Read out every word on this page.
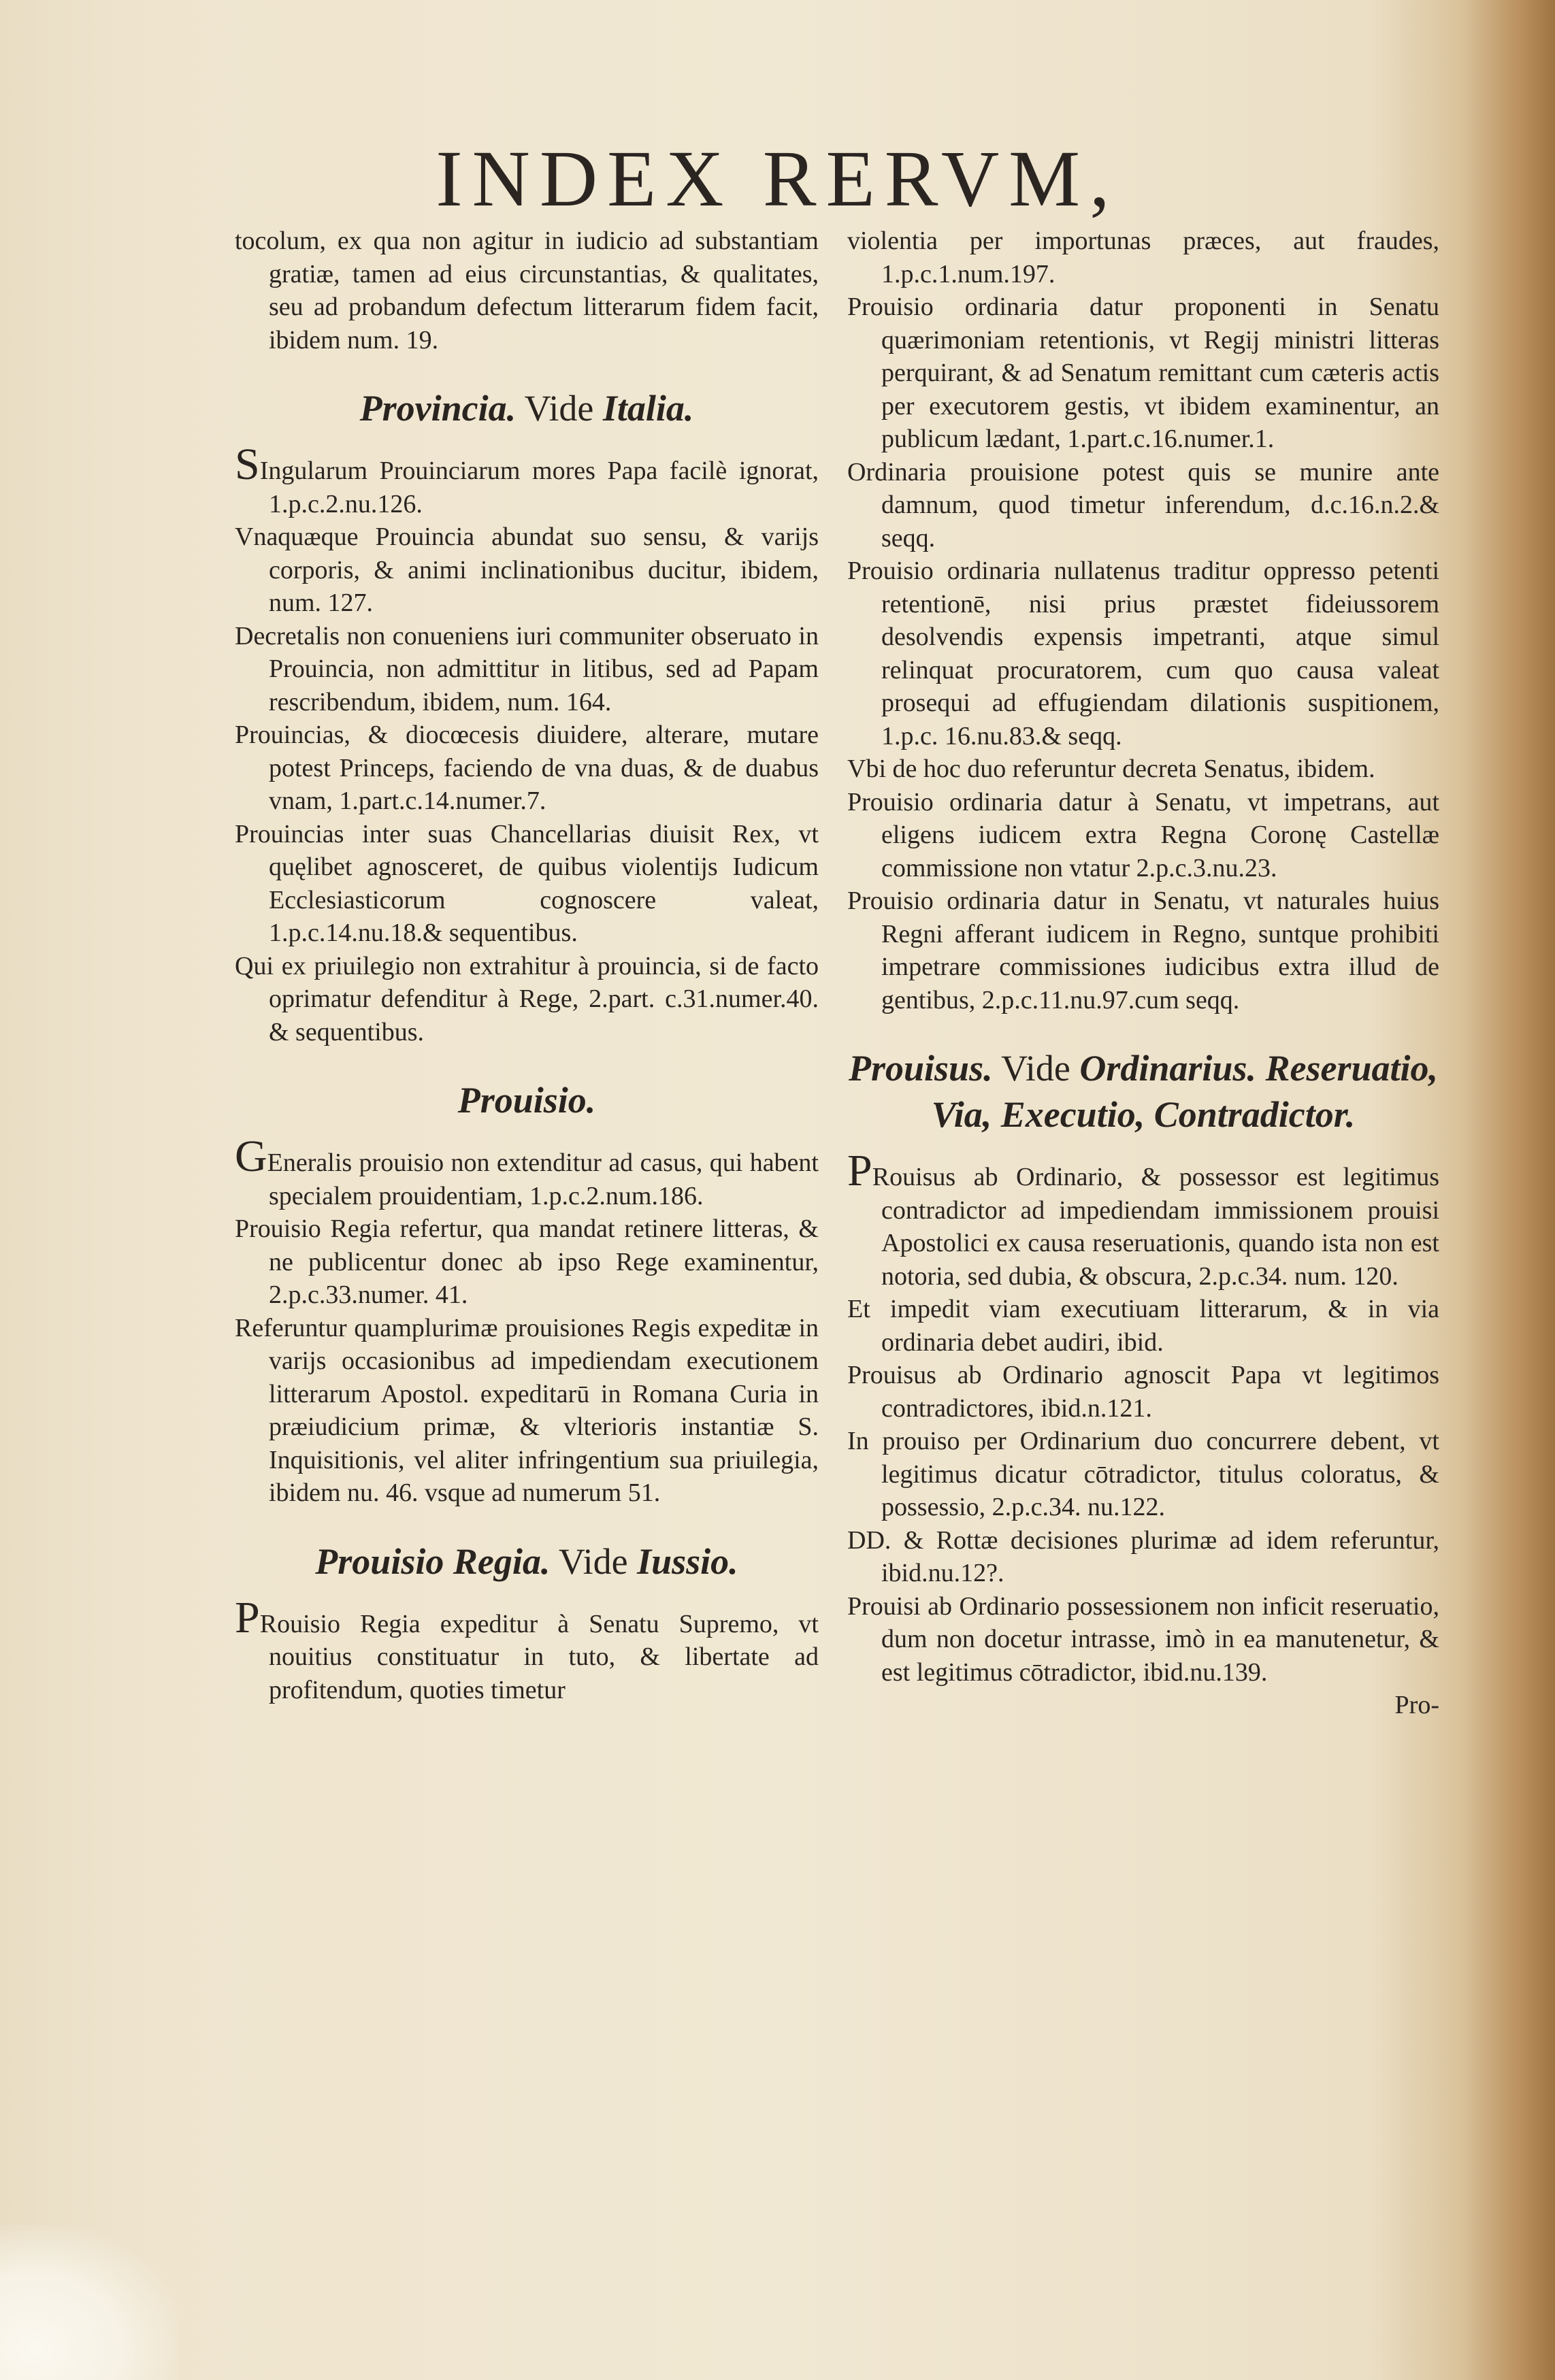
INDEX RERVM,

tocolum, ex qua non agitur in iudicio ad substantiam gratiæ, tamen ad eius circunstantias, & qualitates, seu ad probandum defectum litterarum fidem facit, ibidem num. 19.

Provincia. Vide Italia.

SIngularum Prouinciarum mores Papa facilè ignorat, 1.p.c.2.nu.126.

Vnaquæque Prouincia abundat suo sensu, & varijs corporis, & animi inclinationibus ducitur, ibidem, num. 127.

Decretalis non conueniens iuri communiter obseruato in Prouincia, non admittitur in litibus, sed ad Papam rescribendum, ibidem, num. 164.

Prouincias, & diocœcesis diuidere, alterare, mutare potest Princeps, faciendo de vna duas, & de duabus vnam, 1.part.c.14.numer.7.

Prouincias inter suas Chancellarias diuisit Rex, vt quęlibet agnosceret, de quibus violentijs Iudicum Ecclesiasticorum cognoscere valeat, 1.p.c.14.nu.18.& sequentibus.

Qui ex priuilegio non extrahitur à prouincia, si de facto oprimatur defenditur à Rege, 2.part. c.31.numer.40. & sequentibus.

Prouisio.

GEneralis prouisio non extenditur ad casus, qui habent specialem prouidentiam, 1.p.c.2.num.186.

Prouisio Regia refertur, qua mandat retinere litteras, & ne publicentur donec ab ipso Rege examinentur, 2.p.c.33.numer. 41.

Referuntur quamplurimæ prouisiones Regis expeditæ in varijs occasionibus ad impediendam executionem litterarum Apostol. expeditarū in Romana Curia in præiudicium primæ, & vlterioris instantiæ S. Inquisitionis, vel aliter infringentium sua priuilegia, ibidem nu. 46. vsque ad numerum 51.

Prouisio Regia. Vide Iussio.

PRouisio Regia expeditur à Senatu Supremo, vt nouitius constituatur in tuto, & libertate ad profitendum, quoties timetur

violentia per importunas præces, aut fraudes, 1.p.c.1.num.197.

Prouisio ordinaria datur proponenti in Senatu quærimoniam retentionis, vt Regij ministri litteras perquirant, & ad Senatum remittant cum cæteris actis per executorem gestis, vt ibidem examinentur, an publicum lædant, 1.part.c.16.numer.1.

Ordinaria prouisione potest quis se munire ante damnum, quod timetur inferendum, d.c.16.n.2.& seqq.

Prouisio ordinaria nullatenus traditur oppresso petenti retentionē, nisi prius præstet fideiussorem desolvendis expensis impetranti, atque simul relinquat procuratorem, cum quo causa valeat prosequi ad effugiendam dilationis suspitionem, 1.p.c. 16.nu.83.& seqq.

Vbi de hoc duo referuntur decreta Senatus, ibidem.

Prouisio ordinaria datur à Senatu, vt impetrans, aut eligens iudicem extra Regna Coronę Castellæ commissione non vtatur 2.p.c.3.nu.23.

Prouisio ordinaria datur in Senatu, vt naturales huius Regni afferant iudicem in Regno, suntque prohibiti impetrare commissiones iudicibus extra illud de gentibus, 2.p.c.11.nu.97.cum seqq.

Prouisus. Vide Ordinarius. Reseruatio, Via, Executio, Contradictor.

PRouisus ab Ordinario, & possessor est legitimus contradictor ad impediendam immissionem prouisi Apostolici ex causa reseruationis, quando ista non est notoria, sed dubia, & obscura, 2.p.c.34. num. 120.

Et impedit viam executiuam litterarum, & in via ordinaria debet audiri, ibid.

Prouisus ab Ordinario agnoscit Papa vt legitimos contradictores, ibid.n.121.

In prouiso per Ordinarium duo concurrere debent, vt legitimus dicatur cōtradictor, titulus coloratus, & possessio, 2.p.c.34. nu.122.

DD. & Rottæ decisiones plurimæ ad idem referuntur, ibid.nu.12?.

Prouisi ab Ordinario possessionem non inficit reseruatio, dum non docetur intrasse, imò in ea manutenetur, & est legitimus cōtradictor, ibid.nu.139.

Pro-
